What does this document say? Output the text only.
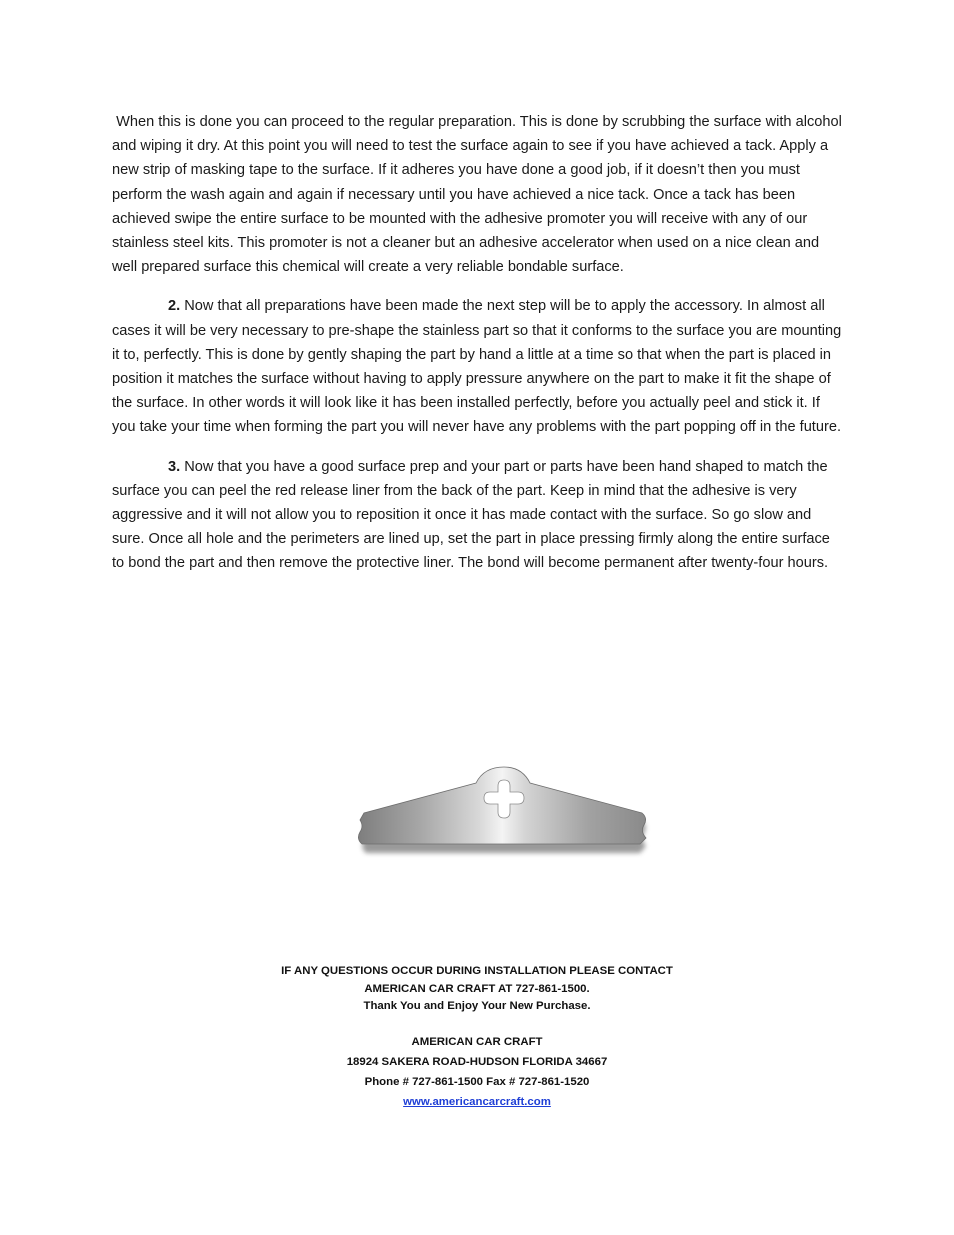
When this is done you can proceed to the regular preparation. This is done by scrubbing the surface with alcohol and wiping it dry. At this point you will need to test the surface again to see if you have achieved a tack. Apply a new strip of masking tape to the surface. If it adheres you have done a good job, if it doesn’t then you must perform the wash again and again if necessary until you have achieved a nice tack. Once a tack has been achieved swipe the entire surface to be mounted with the adhesive promoter you will receive with any of our stainless steel kits. This promoter is not a cleaner but an adhesive accelerator when used on a nice clean and well prepared surface this chemical will create a very reliable bondable surface.

2. Now that all preparations have been made the next step will be to apply the accessory. In almost all cases it will be very necessary to pre-shape the stainless part so that it conforms to the surface you are mounting it to, perfectly. This is done by gently shaping the part by hand a little at a time so that when the part is placed in position it matches the surface without having to apply pressure anywhere on the part to make it fit the shape of the surface. In other words it will look like it has been installed perfectly, before you actually peel and stick it. If you take your time when forming the part you will never have any problems with the part popping off in the future.

3. Now that you have a good surface prep and your part or parts have been hand shaped to match the surface you can peel the red release liner from the back of the part. Keep in mind that the adhesive is very aggressive and it will not allow you to reposition it once it has made contact with the surface. So go slow and sure. Once all hole and the perimeters are lined up, set the part in place pressing firmly along the entire surface to bond the part and then remove the protective liner. The bond will become permanent after twenty-four hours.

IF ANY QUESTIONS OCCUR DURING INSTALLATION PLEASE CONTACT
AMERICAN CAR CRAFT AT 727-861-1500.
Thank You and Enjoy Your New Purchase.
AMERICAN CAR CRAFT
18924 SAKERA ROAD-HUDSON FLORIDA 34667
Phone # 727-861-1500 Fax # 727-861-1520
www.americancarcraft.com
